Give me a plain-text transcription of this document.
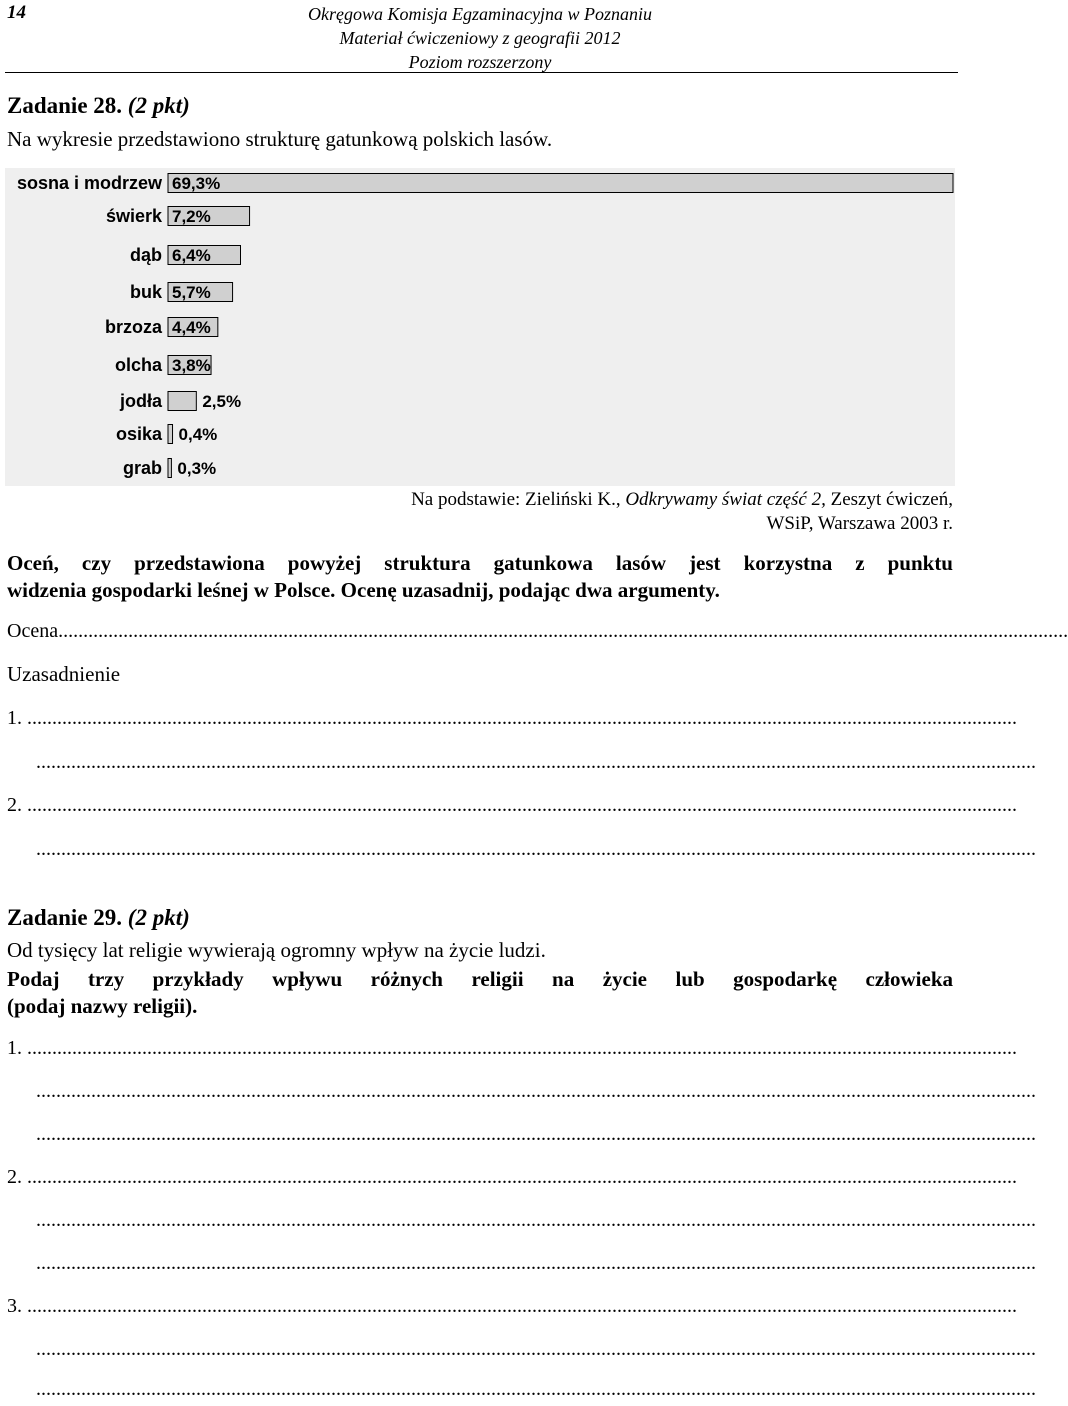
14	Okręgowa Komisja Egzaminacyjna w Poznaniu
Materiał ćwiczeniowy z geografii 2012
Poziom rozszerzony
Zadanie 28. (2 pkt)
Na wykresie przedstawiono strukturę gatunkową polskich lasów.
sosna i modrzew 69,3%
świerk 7,2%
dąb 6,4%
buk 5,7%
brzoza 4,4%
olcha 3,8%
jodła 2,5%
osika 0,4%
grab 0,3%
Na podstawie: Zieliński K., Odkrywamy świat część 2, Zeszyt ćwiczeń,
WSiP, Warszawa 2003 r.
Oceń, czy przedstawiona powyżej struktura gatunkowa lasów jest korzystna z punktu
widzenia gospodarki leśnej w Polsce. Ocenę uzasadnij, podając dwa argumenty.
Ocena..........................................................................................................................................................................................................
Uzasadnienie
1. ......................................................................................................................................................................................................
........................................................................................................................................................................................................
2. ......................................................................................................................................................................................................
........................................................................................................................................................................................................
Zadanie 29. (2 pkt)
Od tysięcy lat religie wywierają ogromny wpływ na życie ludzi.
Podaj trzy przykłady wpływu różnych religii na życie lub gospodarkę człowieka
(podaj nazwy religii).
1. ......................................................................................................................................................................................................
........................................................................................................................................................................................................
........................................................................................................................................................................................................
2. ......................................................................................................................................................................................................
........................................................................................................................................................................................................
........................................................................................................................................................................................................
3. ......................................................................................................................................................................................................
........................................................................................................................................................................................................
........................................................................................................................................................................................................
